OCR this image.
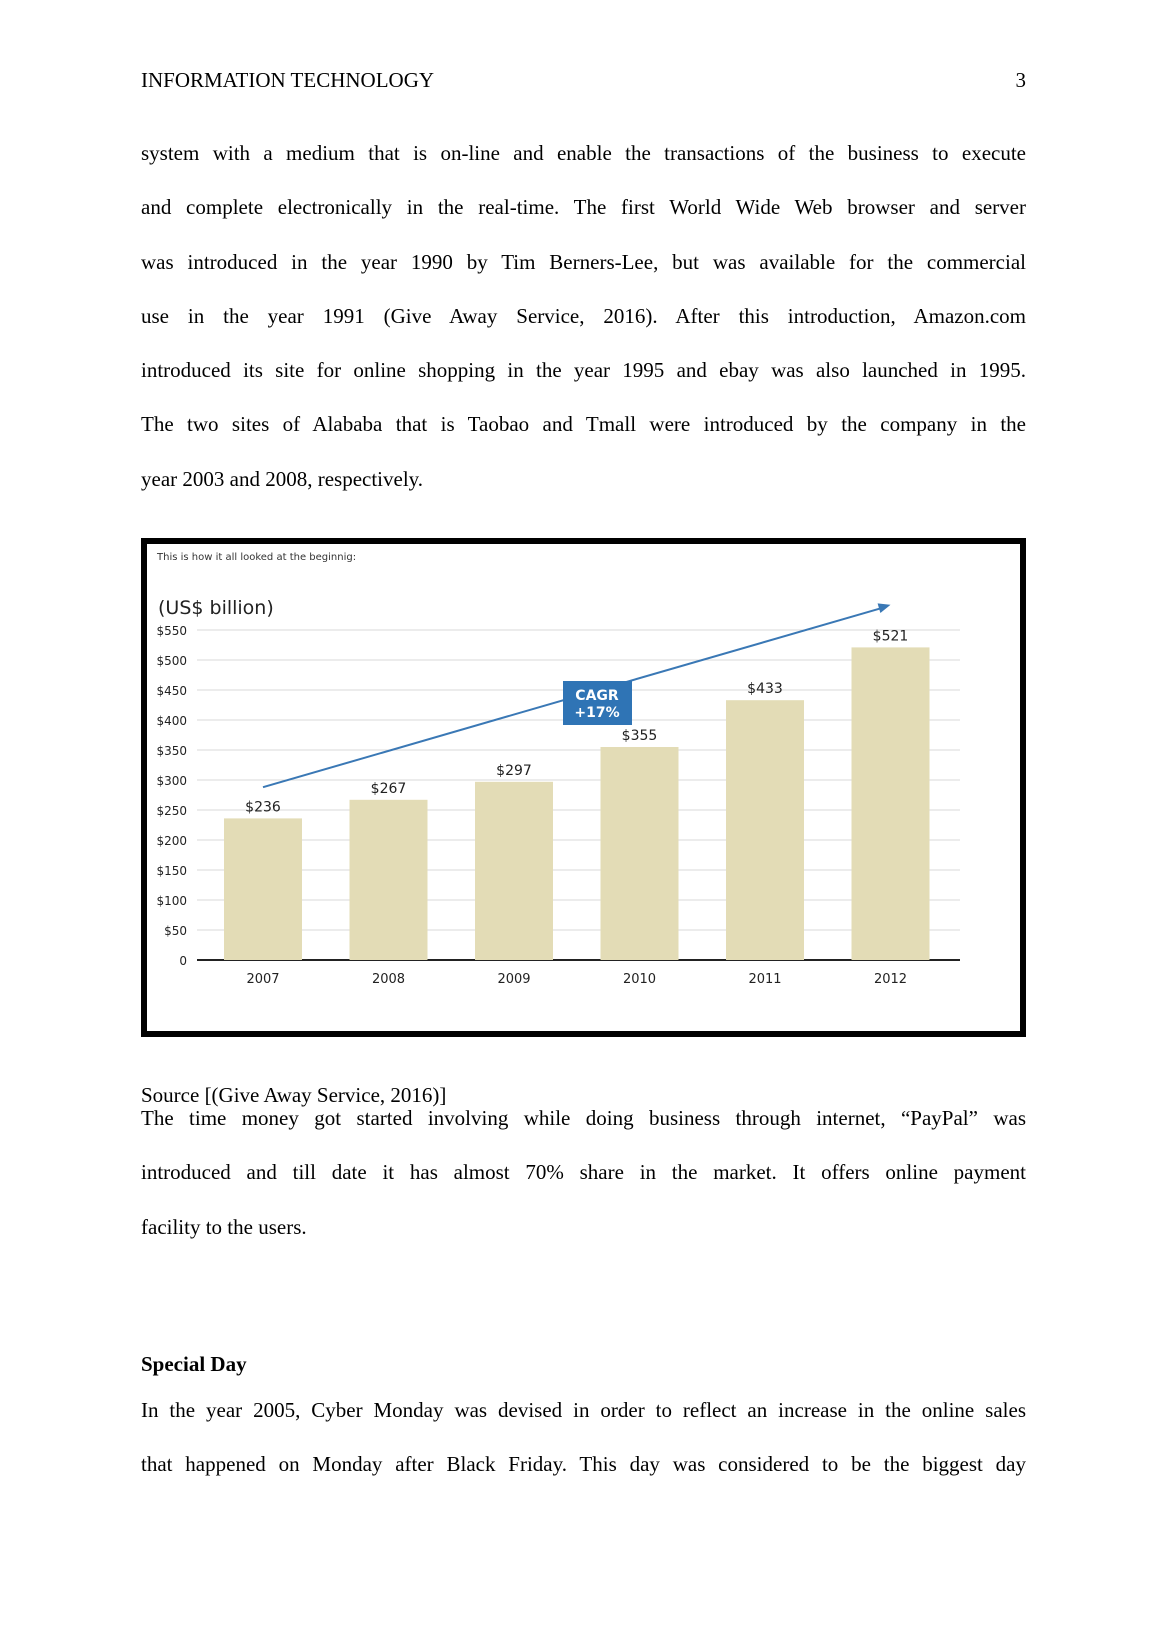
INFORMATION TECHNOLOGY	3
system with a medium that is on-line and enable the transactions of the business to execute
and complete electronically in the real-time. The first World Wide Web browser and server
was introduced in the year 1990 by Tim Berners-Lee, but was available for the commercial
use in the year 1991 (Give Away Service, 2016). After this introduction, Amazon.com
introduced its site for online shopping in the year 1995 and ebay was also launched in 1995.
The two sites of Alababa that is Taobao and Tmall were introduced by the company in the
year 2003 and 2008, respectively.
This is how it all looked at the beginnig:
(US$ billion)
0
$50
$100
$150
$200
$250
$300
$350
$400
$450
$500
$550
$236
2007
$267
2008
$297
2009
$355
2010
$433
2011
$521
2012
CAGR
+17%
Source [(Give Away Service, 2016)]
The time money got started involving while doing business through internet, “PayPal” was
introduced and till date it has almost 70% share in the market. It offers online payment
facility to the users.
Special Day
In the year 2005, Cyber Monday was devised in order to reflect an increase in the online sales
that happened on Monday after Black Friday. This day was considered to be the biggest day
